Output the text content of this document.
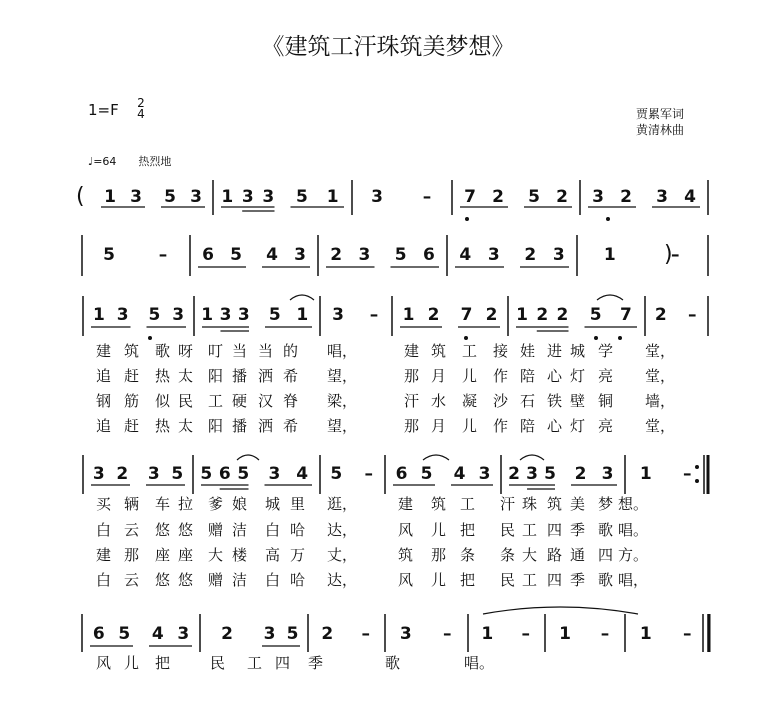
《建筑工汗珠筑美梦想》
1=F 2
4	贾累军词
黄清林曲
♩=64　　 热烈地
(
)
1 3 5 3 1 3 3 5 1 3 – 7 2 5 2 3 2 3 4
5	– 6 5 4 3 2 3 5 6 4 3 2 3 1	–
1 3 5 3 1 3 3 5 1 3 – 1 2 7 2 1 2 2 5 7 2 –
3 2 3 5 5 6 5 3 4 5 – 6 5 4 3 2 3 5 2 3 1 –
6 5 4 3 2 3 5 2 – 3 – 1 – 1 – 1 –
建 筑 歌 呀 叮 当 当 的 唱，	建 筑 工 接 娃 进 城 学 堂，
追 赶 热 太 阳 播 洒 希 望，	那 月 儿 作 陪 心 灯 亮 堂，
钢 筋 似 民 工 硬 汉 脊 梁，	汗 水 凝 沙 石 铁 壁 铜 墙，
追 赶 热 太 阳 播 洒 希 望，	那 月 儿 作 陪 心 灯 亮 堂，
买 辆 车 拉 爹 娘 城 里 逛，	建 筑 工 汗 珠 筑 美 梦 想。
白 云 悠 悠 赠 洁 白 哈 达，	风 儿 把 民 工 四 季 歌 唱。
建 那 座 座 大 楼 高 万 丈，	筑 那 条 条 大 路 通 四 方。
白 云 悠 悠 赠 洁 白 哈 达，	风 儿 把 民 工 四 季 歌 唱，
风 儿 把	民 工 四 季	歌	唱。
